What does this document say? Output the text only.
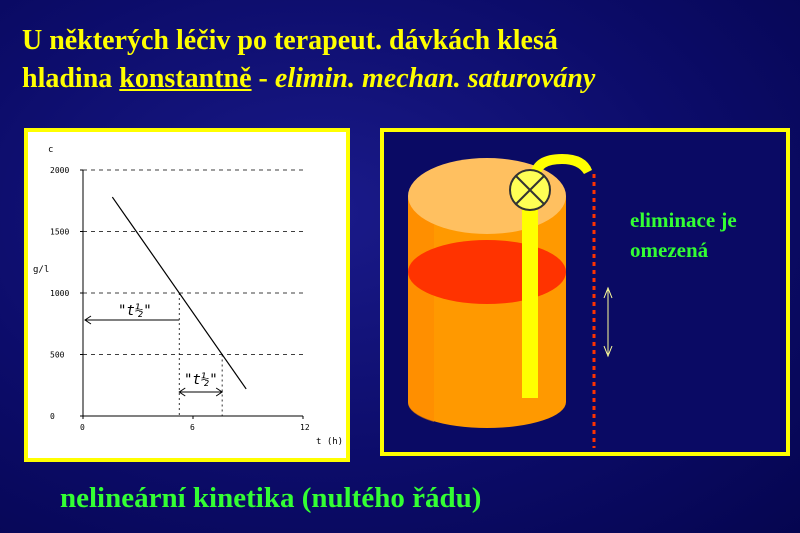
U některých léčiv po terapeut. dávkách klesá
hladina konstantně - elimin. mechan. saturovány
c
g/l
t (h)
2000
1500
1000
500
0
0	6	12
"t½"
"t½"
eliminace je omezená
nelineární kinetika (nultého řádu)
